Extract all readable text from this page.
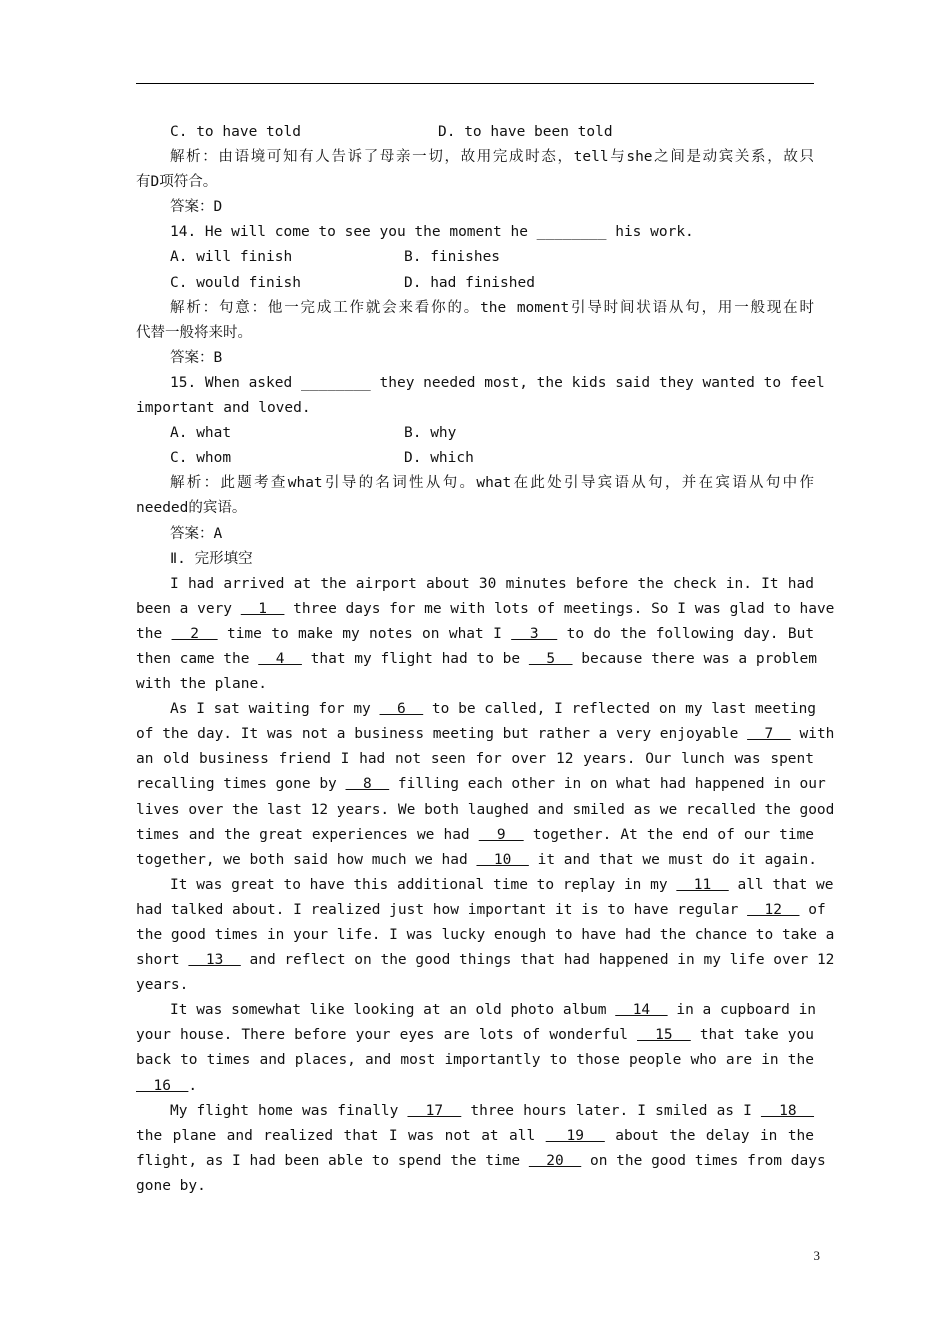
C. to have told	D. to have been told
解析：由语境可知有人告诉了母亲一切，故用完成时态，tell与she之间是动宾关系，故只
有D项符合。
答案：D
14. He will come to see you the moment he ________ his work.
A. will finish	B. finishes
C. would finish	D. had finished
解析：句意：他一完成工作就会来看你的。the moment引导时间状语从句，用一般现在时
代替一般将来时。
答案：B
15. When asked ________ they needed most, the kids said they wanted to feel
important and loved.
A. what	B. why
C. whom	D. which
解析：此题考查what引导的名词性从句。what在此处引导宾语从句，并在宾语从句中作
needed的宾语。
答案：A
Ⅱ. 完形填空
I had arrived at the airport about 30 minutes before the check in. It had
been a very   1   three days for me with lots of meetings. So I was glad to have
the   2   time to make my notes on what I   3   to do the following day. But
then came the   4   that my flight had to be   5   because there was a problem
with the plane.
As I sat waiting for my   6   to be called, I reflected on my last meeting
of the day. It was not a business meeting but rather a very enjoyable   7   with
an old business friend I had not seen for over 12 years. Our lunch was spent
recalling times gone by   8   filling each other in on what had happened in our
lives over the last 12 years. We both laughed and smiled as we recalled the good
times and the great experiences we had   9   together. At the end of our time
together, we both said how much we had   10   it and that we must do it again.
It was great to have this additional time to replay in my   11   all that we
had talked about. I realized just how important it is to have regular   12   of
the good times in your life. I was lucky enough to have had the chance to take a
short   13   and reflect on the good things that had happened in my life over 12
years.
It was somewhat like looking at an old photo album   14   in a cupboard in
your house. There before your eyes are lots of wonderful   15   that take you
back to times and places, and most importantly to those people who are in the
16  .
My flight home was finally   17   three hours later. I smiled as I   18
the plane and realized that I was not at all   19   about the delay in the
flight, as I had been able to spend the time   20   on the good times from days
gone by.
3
